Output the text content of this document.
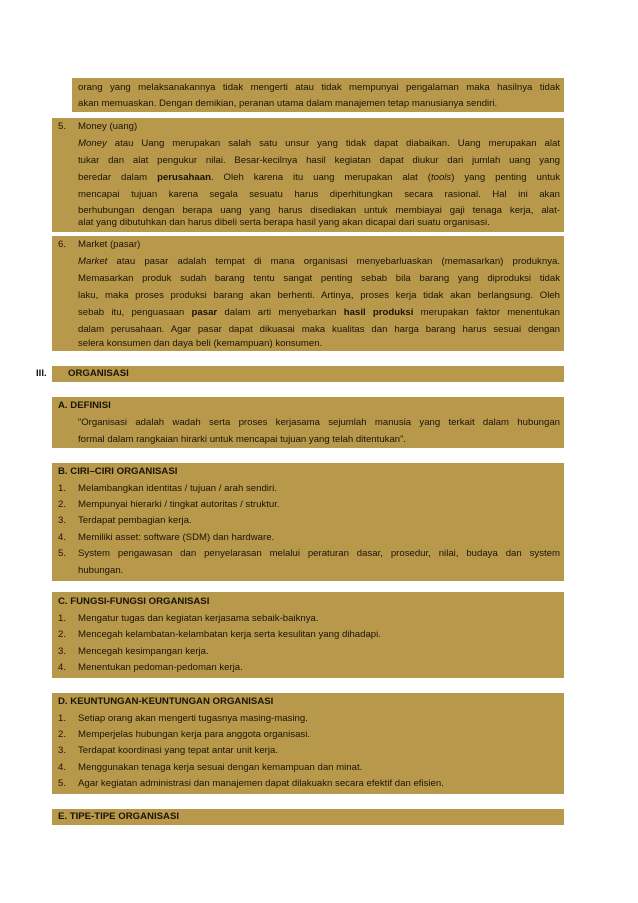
orang yang melaksanakannya tidak mengerti atau tidak mempunyai pengalaman maka hasilnya tidak
akan memuaskan. Dengan demikian, peranan utama dalam manajemen tetap manusianya sendiri.
5. Money (uang)
Money atau Uang merupakan salah satu unsur yang tidak dapat diabaikan. Uang merupakan alat
tukar dan alat pengukur nilai. Besar-kecilnya hasil kegiatan dapat diukur dari jumlah uang yang
beredar dalam perusahaan. Oleh karena itu uang merupakan alat (tools) yang penting untuk
mencapai tujuan karena segala sesuatu harus diperhitungkan secara rasional. Hal ini akan
berhubungan dengan berapa uang yang harus disediakan untuk membiayai gaji tenaga kerja, alat-
alat yang dibutuhkan dan harus dibeli serta berapa hasil yang akan dicapai dari suatu organisasi.
6. Market (pasar)
Market atau pasar adalah tempat di mana organisasi menyebarluaskan (memasarkan) produknya.
Memasarkan produk sudah barang tentu sangat penting sebab bila barang yang diproduksi tidak
laku, maka proses produksi barang akan berhenti. Artinya, proses kerja tidak akan berlangsung. Oleh
sebab itu, penguasaan pasar dalam arti menyebarkan hasil produksi merupakan faktor menentukan
dalam perusahaan. Agar pasar dapat dikuasai maka kualitas dan harga barang harus sesuai dengan
selera konsumen dan daya beli (kemampuan) konsumen.
III. ORGANISASI
A. DEFINISI
“Organisasi adalah wadah serta proses kerjasama sejumlah manusia yang terkait dalam hubungan
formal dalam rangkaian hirarki untuk mencapai tujuan yang telah ditentukan”.
B. CIRI–CIRI ORGANISASI
1. Melambangkan identitas / tujuan / arah sendiri.
2. Mempunyai hierarki / tingkat autoritas / struktur.
3. Terdapat pembagian kerja.
4. Memiliki asset: software (SDM) dan hardware.
5. System pengawasan dan penyelarasan melalui peraturan dasar, prosedur, nilai, budaya dan system
hubungan.
C. FUNGSI-FUNGSI ORGANISASI
1. Mengatur tugas dan kegiatan kerjasama sebaik-baiknya.
2. Mencegah kelambatan-kelambatan kerja serta kesulitan yang dihadapi.
3. Mencegah kesimpangan kerja.
4. Menentukan pedoman-pedoman kerja.
D. KEUNTUNGAN-KEUNTUNGAN ORGANISASI
1. Setiap orang akan mengerti tugasnya masing-masing.
2. Memperjelas hubungan kerja para anggota organisasi.
3. Terdapat koordinasi yang tepat antar unit kerja.
4. Menggunakan tenaga kerja sesuai dengan kemampuan dan minat.
5. Agar kegiatan administrasi dan manajemen dapat dilakuakn secara efektif dan efisien.
E. TIPE-TIPE ORGANISASI
